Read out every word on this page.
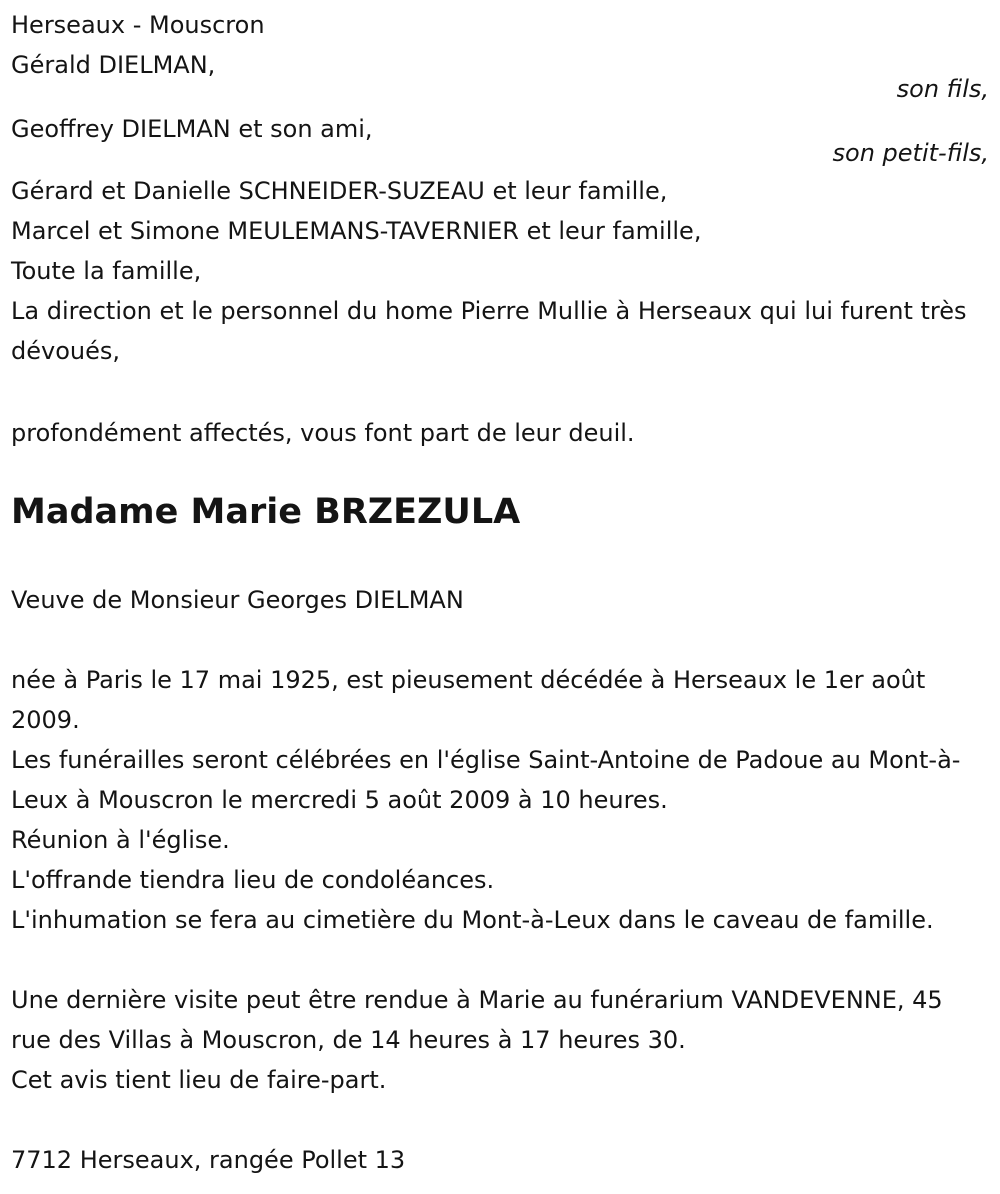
Herseaux - Mouscron
Gérald DIELMAN,
son fils,
Geoffrey DIELMAN et son ami,
son petit-fils,
Gérard et Danielle SCHNEIDER-SUZEAU et leur famille,
Marcel et Simone MEULEMANS-TAVERNIER et leur famille,
Toute la famille,
La direction et le personnel du home Pierre Mullie à Herseaux qui lui furent très dévoués,
profondément affectés, vous font part de leur deuil.
Madame Marie BRZEZULA
Veuve de Monsieur Georges DIELMAN
née à Paris le 17 mai 1925, est pieusement décédée à Herseaux le 1er août 2009.
Les funérailles seront célébrées en l'église Saint-Antoine de Padoue au Mont-à-Leux à Mouscron le mercredi 5 août 2009 à 10 heures.
Réunion à l'église.
L'offrande tiendra lieu de condoléances.
L'inhumation se fera au cimetière du Mont-à-Leux dans le caveau de famille.
Une dernière visite peut être rendue à Marie au funérarium VANDEVENNE, 45 rue des Villas à Mouscron, de 14 heures à 17 heures 30.
Cet avis tient lieu de faire-part.
7712 Herseaux, rangée Pollet 13
